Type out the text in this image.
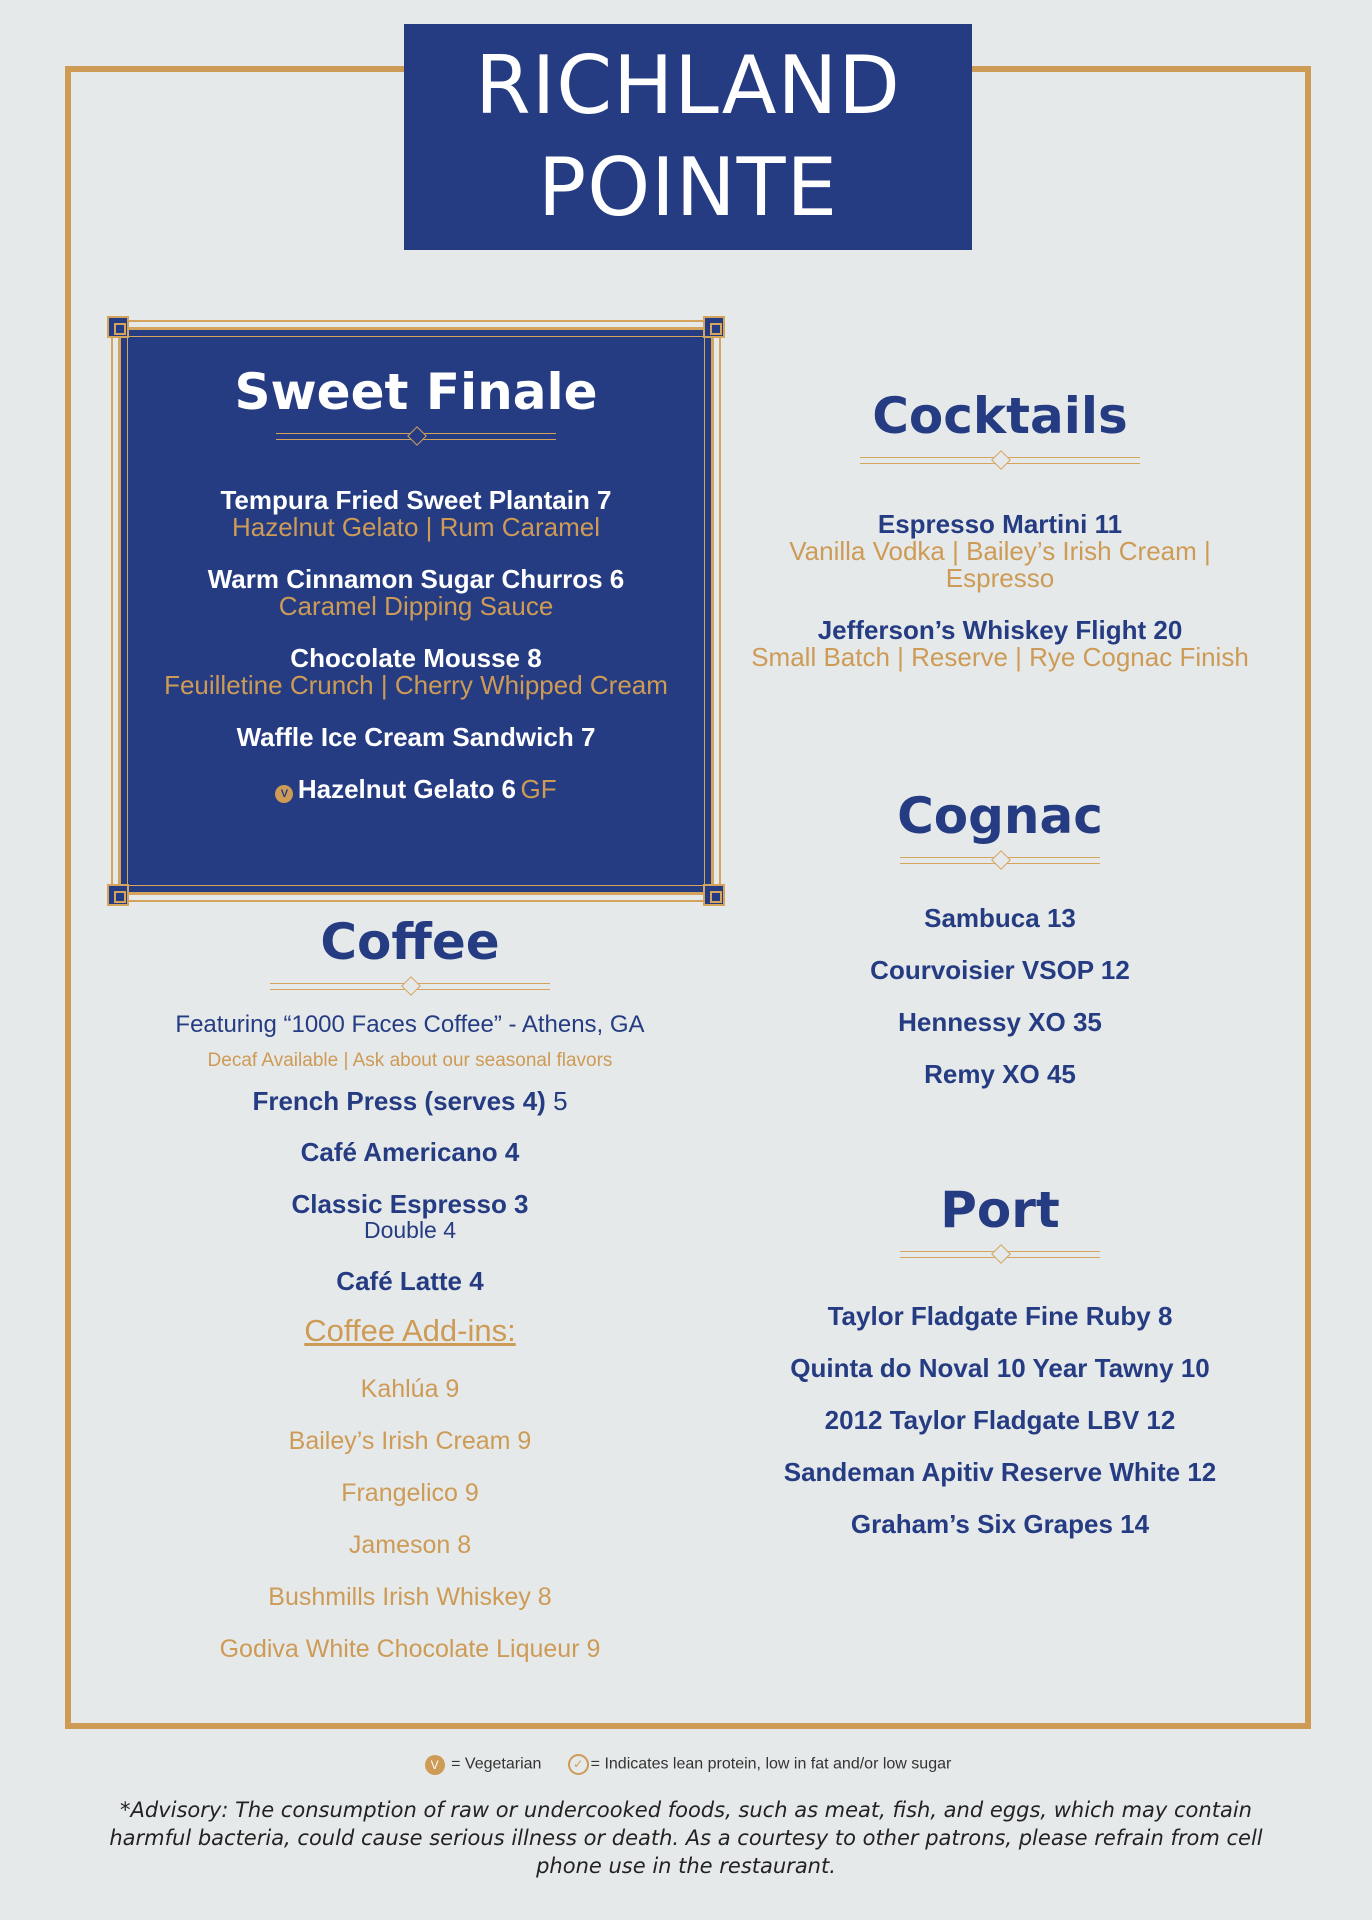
RICHLAND
POINTE
Sweet Finale
Tempura Fried Sweet Plantain 7
Hazelnut Gelato | Rum Caramel
Warm Cinnamon Sugar Churros 6
Caramel Dipping Sauce
Chocolate Mousse 8
Feuilletine Crunch | Cherry Whipped Cream
Waffle Ice Cream Sandwich 7
V Hazelnut Gelato 6 GF
Coffee
Featuring “1000 Faces Coffee” - Athens, GA
Decaf Available | Ask about our seasonal flavors
French Press (serves 4) 5
Café Americano 4
Classic Espresso 3
Double 4
Café Latte 4
Coffee Add-ins:
Kahlúa 9
Bailey’s Irish Cream 9
Frangelico 9
Jameson 8
Bushmills Irish Whiskey 8
Godiva White Chocolate Liqueur 9
Cocktails
Espresso Martini 11
Vanilla Vodka | Bailey’s Irish Cream |
Espresso
Jefferson’s Whiskey Flight 20
Small Batch | Reserve | Rye Cognac Finish
Cognac
Sambuca 13
Courvoisier VSOP 12
Hennessy XO 35
Remy XO 45
Port
Taylor Fladgate Fine Ruby 8
Quinta do Noval 10 Year Tawny 10
2012 Taylor Fladgate LBV 12
Sandeman Apitiv Reserve White 12
Graham’s Six Grapes 14
V = Vegetarian	✓ = Indicates lean protein, low in fat and/or low sugar
*Advisory: The consumption of raw or undercooked foods, such as meat, fish, and eggs, which may contain harmful bacteria, could cause serious illness or death. As a courtesy to other patrons, please refrain from cell phone use in the restaurant.
